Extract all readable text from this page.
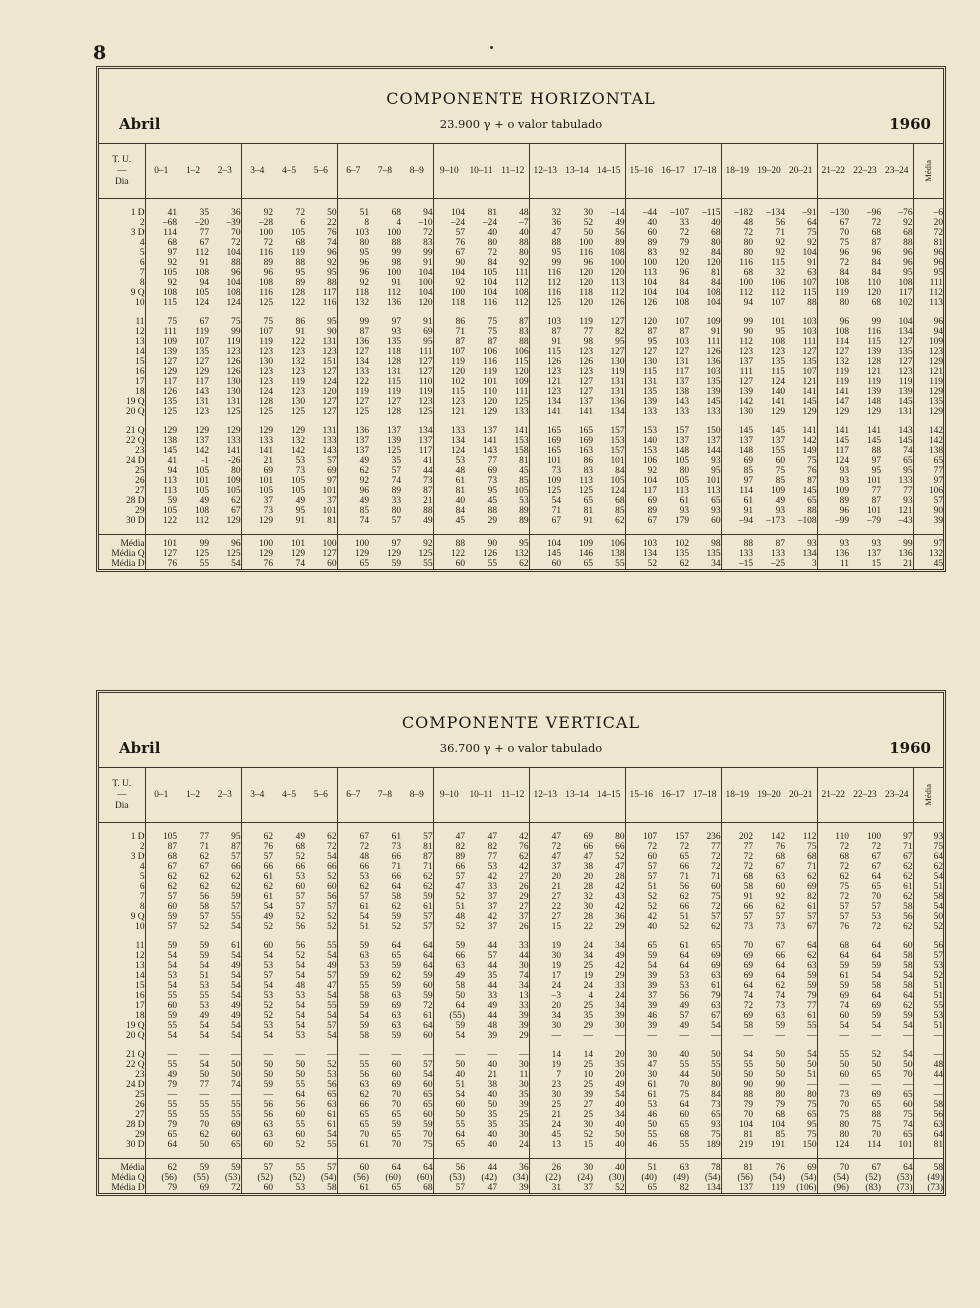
8
COMPONENTE HORIZONTAL
Abril	23.900 γ + o valor tabulado	1960
T. U.
—
Dia	0–1	1–2	2–3	3–4	4–5	5–6	6–7	7–8	8–9	9–10	10–11	11–12	12–13	13–14	14–15	15–16	16–17	17–18	18–19	19–20	20–21	21–22	22–23	23–24	Média

1 D	41	35	36	92	72	50	51	68	94	104	81	48	32	30	–14	–44	–107	–115	–182	–134	–91	–130	–96	–76	–6
2	–68	–20	–39	–28	6	22	8	4	–10	–24	–24	–7	36	52	49	40	33	40	48	56	64	67	72	92	20
3 D	114	77	70	100	105	76	103	100	72	57	40	40	47	50	56	60	72	68	72	71	75	70	68	68	72
4	68	67	72	72	68	74	80	88	83	76	80	88	88	100	89	89	79	80	80	92	92	75	87	88	81
5	97	112	104	116	119	96	95	99	99	67	72	80	95	116	108	83	92	84	80	92	104	96	96	96	96
6	92	91	88	89	88	92	96	98	91	90	84	92	99	96	100	100	120	120	116	115	91	72	84	96	96
7	105	108	96	96	95	95	96	100	104	104	105	111	116	120	120	113	96	81	68	32	63	84	84	95	95
8	92	94	104	108	89	88	92	91	100	92	104	112	112	120	113	104	84	84	100	106	107	108	110	108	111
9 Q	108	105	108	116	128	117	118	112	104	100	104	108	116	118	112	104	104	108	112	112	115	119	120	117	112
10	115	124	124	125	122	116	132	136	120	118	116	112	125	120	126	126	108	104	94	107	88	80	68	102	113

11	75	67	75	75	86	95	99	97	91	86	75	87	103	119	127	120	107	109	99	101	103	96	99	104	96
12	111	119	99	107	91	90	87	93	69	71	75	83	87	77	82	87	87	91	90	95	103	108	116	134	94
13	109	107	119	119	122	131	136	135	95	87	87	88	91	98	95	95	103	111	112	108	111	114	115	127	109
14	139	135	123	123	123	123	127	118	111	107	106	106	115	123	127	127	127	126	123	123	127	127	139	135	123
15	127	127	126	130	132	151	134	128	127	119	116	115	126	126	130	130	131	136	137	135	135	132	128	127	129
16	129	129	126	123	123	127	133	131	127	120	119	120	123	123	119	115	117	103	111	115	107	119	121	123	121
17	117	117	130	123	119	124	122	115	110	102	101	109	121	127	131	131	137	135	127	124	121	119	119	119	119
18	126	143	130	124	123	120	119	119	119	115	110	111	123	127	131	135	138	139	139	140	141	141	139	139	129
19 Q	135	131	131	128	130	127	127	127	123	123	120	125	134	137	136	139	143	145	142	141	145	147	148	145	135
20 Q	125	123	125	125	125	127	125	128	125	121	129	133	141	141	134	133	133	133	130	129	129	129	129	131	129

21 Q	129	129	129	129	129	131	136	137	134	133	137	141	165	165	157	153	157	150	145	145	141	141	141	143	142
22 Q	138	137	133	133	132	133	137	139	137	134	141	153	169	169	153	140	137	137	137	137	142	145	145	145	142
23	145	142	141	141	142	143	137	125	117	124	143	158	165	163	157	153	148	144	148	155	149	117	88	74	138
24 D	41	-1	-26	21	53	57	49	35	41	53	77	81	101	86	101	106	105	93	69	60	75	124	97	65	65
25	94	105	80	69	73	69	62	57	44	48	69	45	73	83	84	92	80	95	85	75	76	93	95	95	77
26	113	101	109	101	105	97	92	74	73	61	73	85	109	113	105	104	105	101	97	85	87	93	101	133	97
27	113	105	105	105	105	101	96	89	87	81	95	105	125	125	124	117	113	113	114	109	145	109	77	77	106
28 D	59	49	62	37	49	37	49	33	21	40	45	53	54	65	68	69	61	65	61	49	65	89	87	93	57
29	105	108	67	73	95	101	85	80	88	84	88	89	71	81	85	89	93	93	91	93	88	96	101	121	90
30 D	122	112	129	129	91	81	74	57	49	45	29	89	67	91	62	67	179	60	–94	–173	–108	–99	–79	–43	39

Média	101	99	96	100	101	100	100	97	92	88	90	95	104	109	106	103	102	98	88	87	93	93	93	99	97
Média Q	127	125	125	129	129	127	129	129	125	122	126	132	145	146	138	134	135	135	133	133	134	136	137	136	132
Média D	76	55	54	76	74	60	65	59	55	60	55	62	60	65	55	52	62	34	–15	–25	3	11	15	21	45
COMPONENTE VERTICAL
Abril	36.700 γ + o valor tabulado	1960
T. U.
—
Dia	0–1	1–2	2–3	3–4	4–5	5–6	6–7	7–8	8–9	9–10	10–11	11–12	12–13	13–14	14–15	15–16	16–17	17–18	18–19	19–20	20–21	21–22	22–23	23–24	Média

1 D	105	77	95	62	49	62	67	61	57	47	47	42	47	69	80	107	157	236	202	142	112	110	100	97	93
2	87	71	87	76	68	72	72	73	81	82	82	76	72	66	66	72	72	77	77	76	75	72	72	71	75
3 D	68	62	57	57	52	54	48	66	87	89	77	62	47	47	52	60	65	72	72	68	68	68	67	67	64
4	67	67	66	66	66	66	66	71	71	66	53	42	37	38	47	57	66	72	72	67	71	72	67	62	62
5	62	62	62	61	53	52	53	66	62	57	42	27	20	20	28	57	71	71	68	63	62	62	64	62	54
6	62	62	62	62	60	60	62	64	62	47	33	26	21	28	42	51	56	60	58	60	69	75	65	61	51
7	57	56	59	61	57	56	57	58	59	52	37	29	27	32	43	52	62	75	91	92	82	72	70	62	58
8	60	58	57	54	57	57	61	62	61	51	37	27	22	30	42	52	66	72	66	62	61	57	57	58	54
9 Q	59	57	55	49	52	52	54	59	57	48	42	37	27	28	36	42	51	57	57	57	57	57	53	56	50
10	57	52	54	52	56	52	51	52	57	52	37	26	15	22	29	40	52	62	73	73	67	76	72	62	52

11	59	59	61	60	56	55	59	64	64	59	44	33	19	24	34	65	61	65	70	67	64	68	64	60	56
12	54	59	54	54	52	54	63	65	64	66	57	44	30	34	49	59	64	69	69	66	62	64	64	58	57
13	54	54	49	53	54	49	53	59	64	63	44	30	19	25	42	54	64	69	69	64	63	59	59	58	53
14	53	51	54	57	54	57	59	62	59	49	35	74	17	19	29	39	53	63	69	64	59	61	54	54	52
15	54	53	54	54	48	47	55	59	60	58	44	34	24	24	33	39	53	61	64	62	59	59	58	58	51
16	55	55	54	53	53	54	58	63	59	50	33	13	–3	4	24	37	56	79	74	74	79	69	64	64	51
17	60	53	49	52	54	55	59	69	72	64	49	33	20	25	34	39	49	63	72	73	77	74	69	62	55
18	59	49	49	52	54	54	54	63	61	(55)	44	39	34	35	39	46	57	67	69	63	61	60	59	59	53
19 Q	55	54	54	53	54	57	59	63	64	59	48	39	30	29	30	39	49	54	58	59	55	54	54	54	51
20 Q	54	54	54	54	53	54	58	59	60	54	39	29	—	—	—	—	—	—	—	—	—	—	—	—	—

21 Q	—	—	—	—	—	—	—	—	—	—	—	—	14	14	20	30	40	50	54	50	54	55	52	54	—
22 Q	55	54	50	50	50	52	55	60	57	50	40	30	19	25	35	47	55	55	55	50	50	50	50	50	48
23	49	50	50	50	50	53	56	60	54	40	21	11	7	10	20	30	44	50	50	50	51	60	65	70	44
24 D	79	77	74	59	55	56	63	69	60	51	38	30	23	25	49	61	70	80	90	90	—	—	—	—	—
25	—	—	—	—	64	65	62	70	65	54	40	35	30	39	54	61	75	84	88	80	80	73	69	65	—
26	55	55	55	56	56	63	66	70	65	60	50	39	25	27	40	53	64	73	79	79	75	70	65	60	58
27	55	55	55	56	60	61	65	65	60	50	35	25	21	25	34	46	60	65	70	68	65	75	88	75	56
28 D	79	70	69	63	55	61	65	59	59	55	35	35	24	30	40	50	65	93	104	104	95	80	75	74	63
29	65	62	60	63	60	54	70	65	70	64	40	30	45	52	50	55	68	75	81	85	75	80	70	65	64
30 D	64	50	65	60	52	55	61	70	75	65	40	24	13	15	40	46	55	189	219	191	150	124	114	101	81

Média	62	59	59	57	55	57	60	64	64	56	44	36	26	30	40	51	63	78	81	76	69	70	67	64	58
Média Q	(56)	(55)	(53)	(52)	(52)	(54)	(56)	(60)	(60)	(53)	(42)	(34)	(22)	(24)	(30)	(40)	(49)	(54)	(56)	(54)	(54)	(54)	(52)	(53)	(49)
Média D	79	69	72	60	53	58	61	65	68	57	47	39	31	37	52	65	82	134	137	119	(106)	(96)	(83)	(73)	(73)
